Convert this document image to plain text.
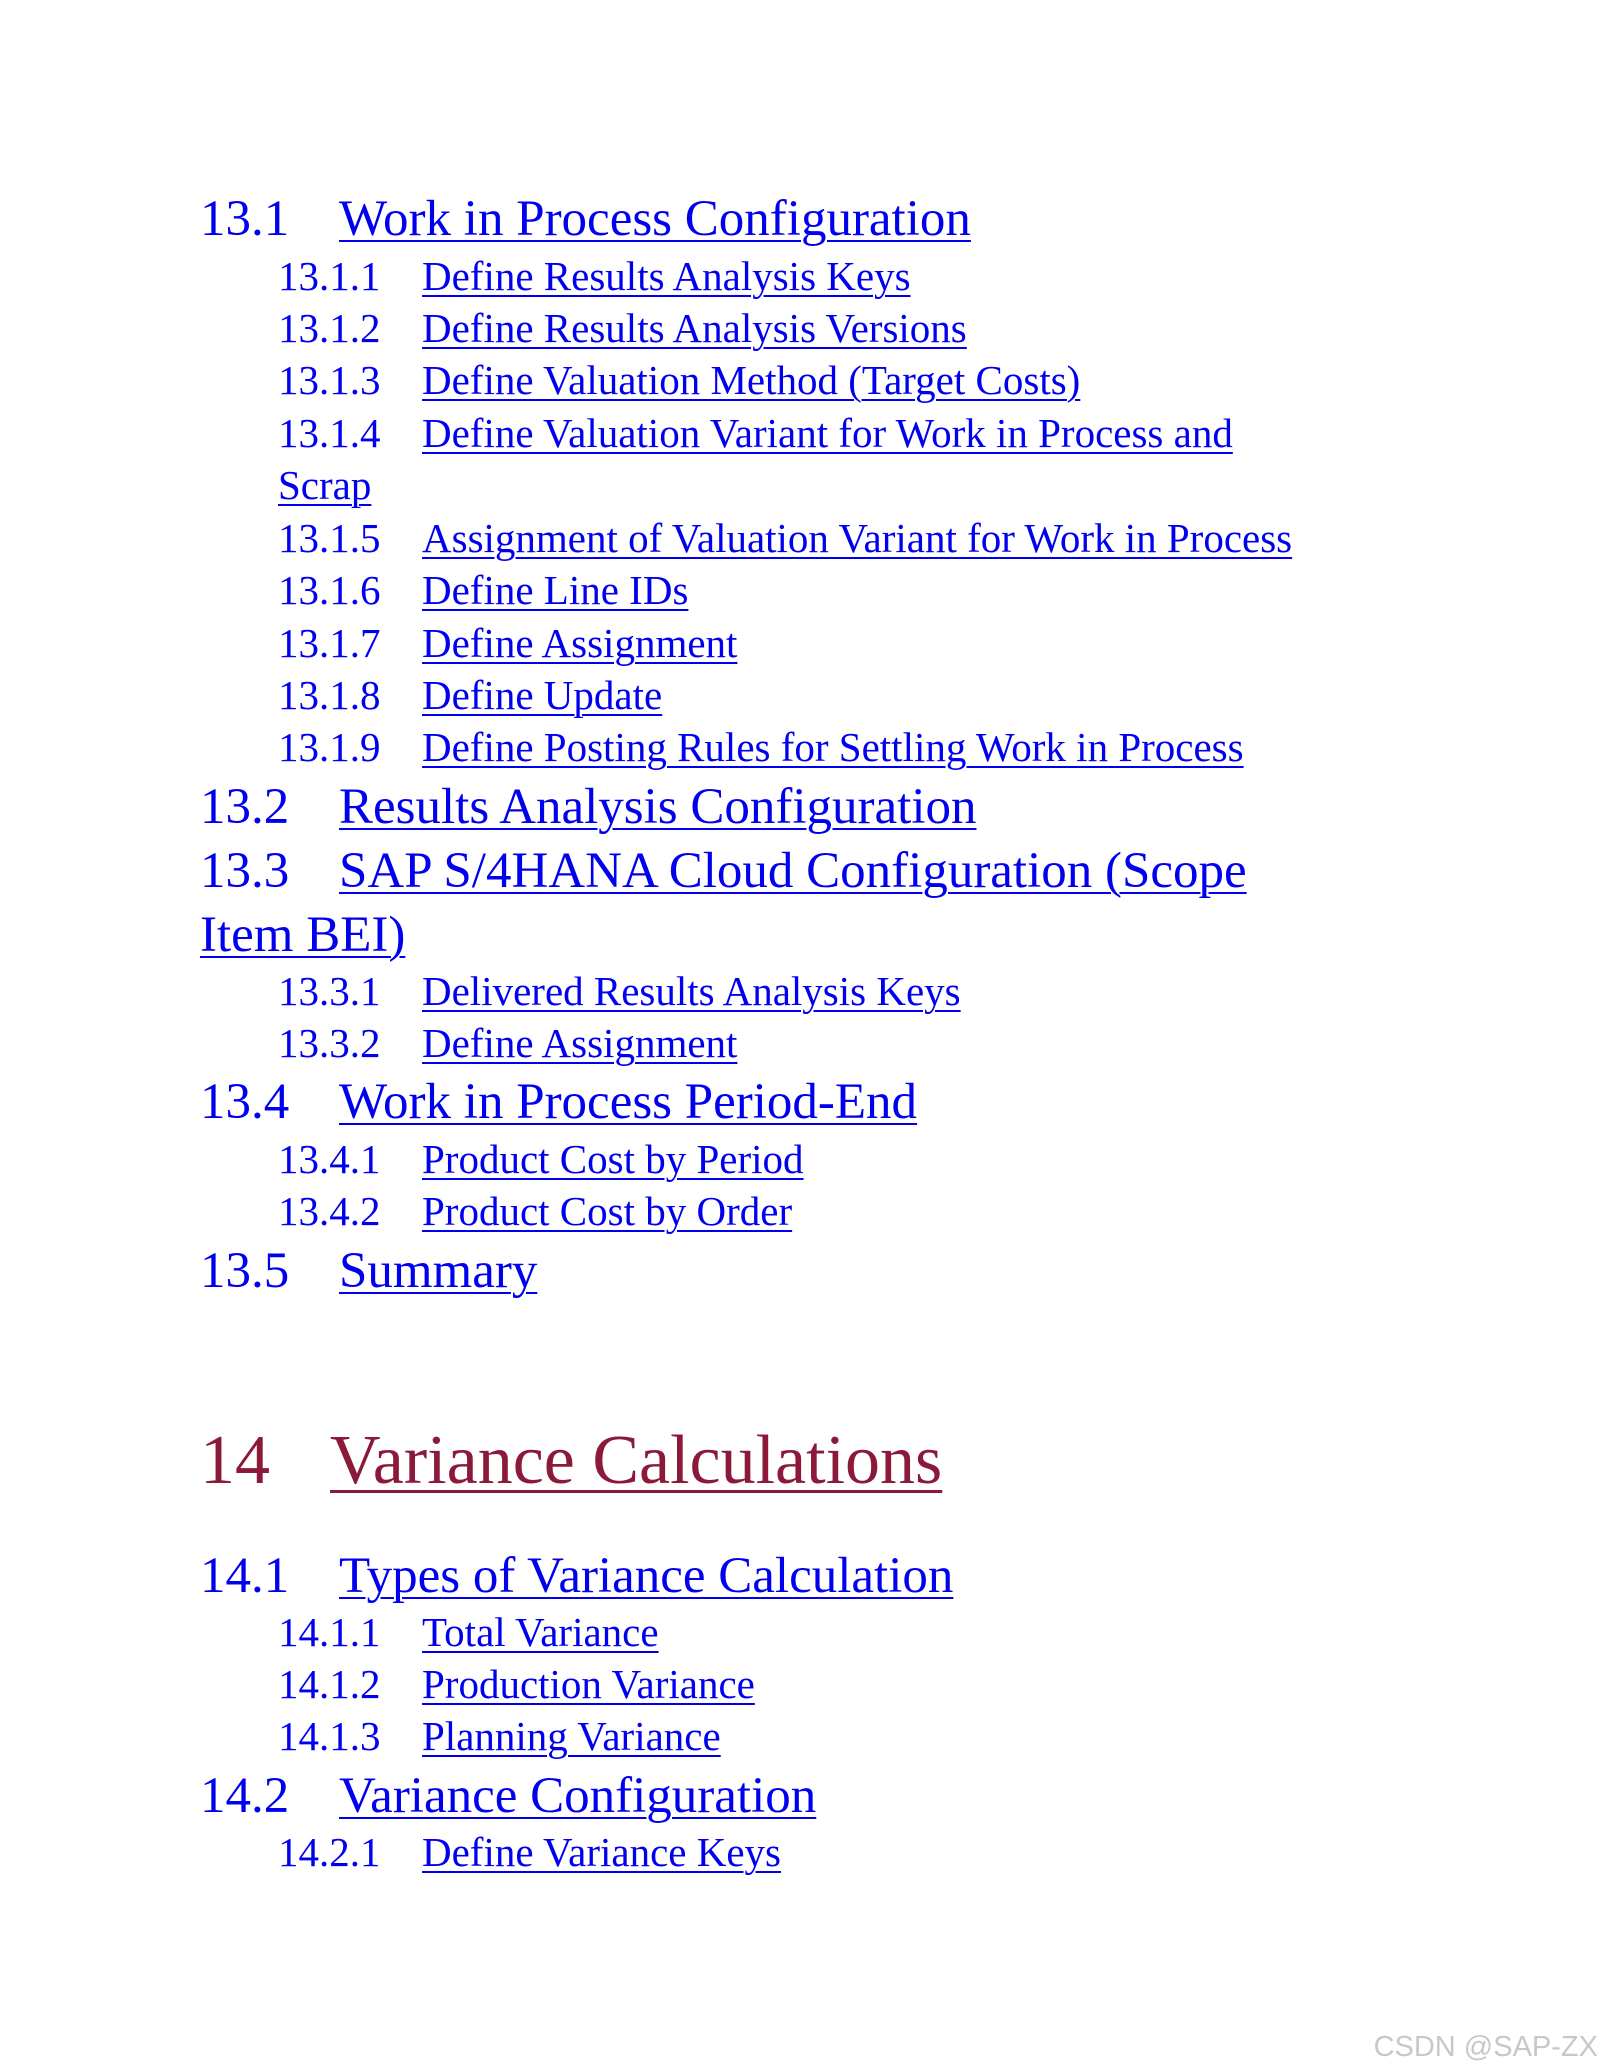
13.1 Work in Process Configuration
13.1.1 Define Results Analysis Keys
13.1.2 Define Results Analysis Versions
13.1.3 Define Valuation Method (Target Costs)
13.1.4 Define Valuation Variant for Work in Process and
Scrap
13.1.5 Assignment of Valuation Variant for Work in Process
13.1.6 Define Line IDs
13.1.7 Define Assignment
13.1.8 Define Update
13.1.9 Define Posting Rules for Settling Work in Process
13.2 Results Analysis Configuration
13.3 SAP S/4HANA Cloud Configuration (Scope
Item BEI)
13.3.1 Delivered Results Analysis Keys
13.3.2 Define Assignment
13.4 Work in Process Period-End
13.4.1 Product Cost by Period
13.4.2 Product Cost by Order
13.5 Summary
14 Variance Calculations
14.1 Types of Variance Calculation
14.1.1 Total Variance
14.1.2 Production Variance
14.1.3 Planning Variance
14.2 Variance Configuration
14.2.1 Define Variance Keys
CSDN @SAP-ZX
